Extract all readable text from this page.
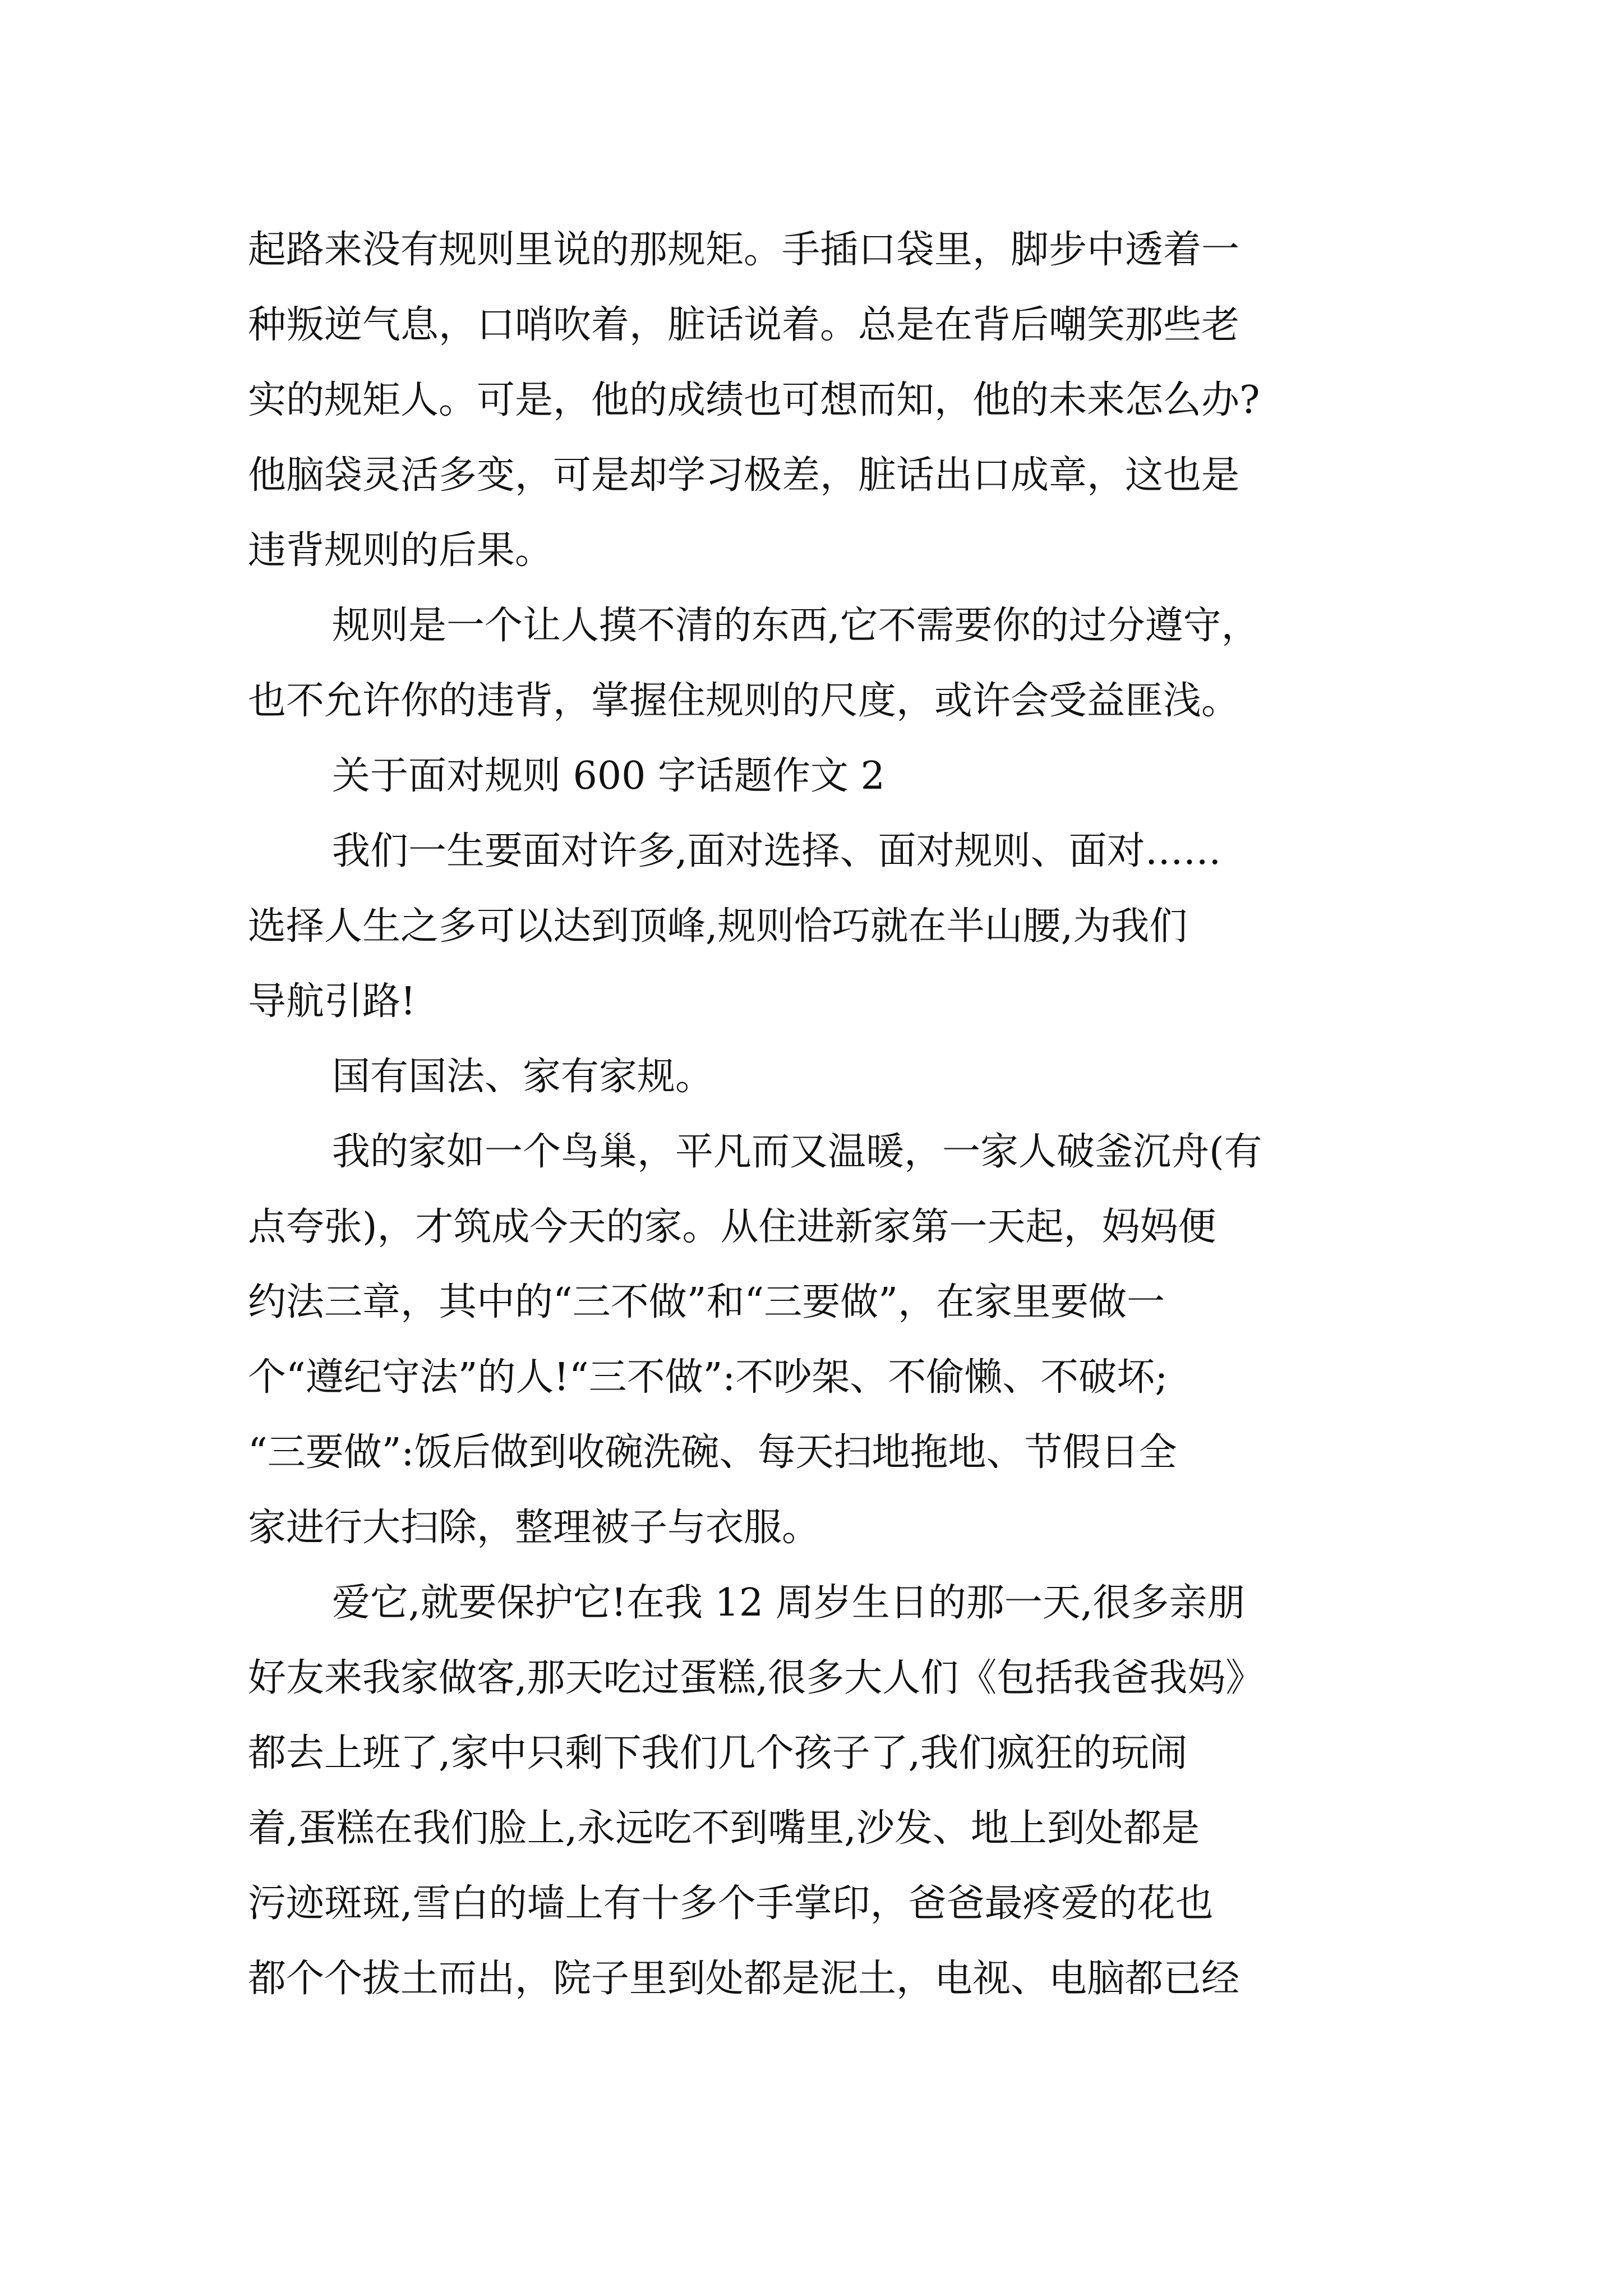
起路来没有规则里说的那规矩。手插口袋里，脚步中透着一
种叛逆气息，口哨吹着，脏话说着。总是在背后嘲笑那些老
实的规矩人。可是，他的成绩也可想而知，他的未来怎么办?
他脑袋灵活多变，可是却学习极差，脏话出口成章，这也是
违背规则的后果。
规则是一个让人摸不清的东西,它不需要你的过分遵守，
也不允许你的违背，掌握住规则的尺度，或许会受益匪浅。
关于面对规则 600 字话题作文 2
我们一生要面对许多,面对选择、面对规则、面对……
选择人生之多可以达到顶峰,规则恰巧就在半山腰,为我们
导航引路!
国有国法、家有家规。
我的家如一个鸟巢，平凡而又温暖，一家人破釜沉舟(有
点夸张)，才筑成今天的家。从住进新家第一天起，妈妈便
约法三章，其中的“三不做”和“三要做”，在家里要做一
个“遵纪守法”的人!“三不做”:不吵架、不偷懒、不破坏;
“三要做”:饭后做到收碗洗碗、每天扫地拖地、节假日全
家进行大扫除，整理被子与衣服。
爱它,就要保护它!在我 12 周岁生日的那一天,很多亲朋
好友来我家做客,那天吃过蛋糕,很多大人们《包括我爸我妈》
都去上班了,家中只剩下我们几个孩子了,我们疯狂的玩闹
着,蛋糕在我们脸上,永远吃不到嘴里,沙发、地上到处都是
污迹斑斑,雪白的墙上有十多个手掌印，爸爸最疼爱的花也
都个个拔土而出，院子里到处都是泥土，电视、电脑都已经
